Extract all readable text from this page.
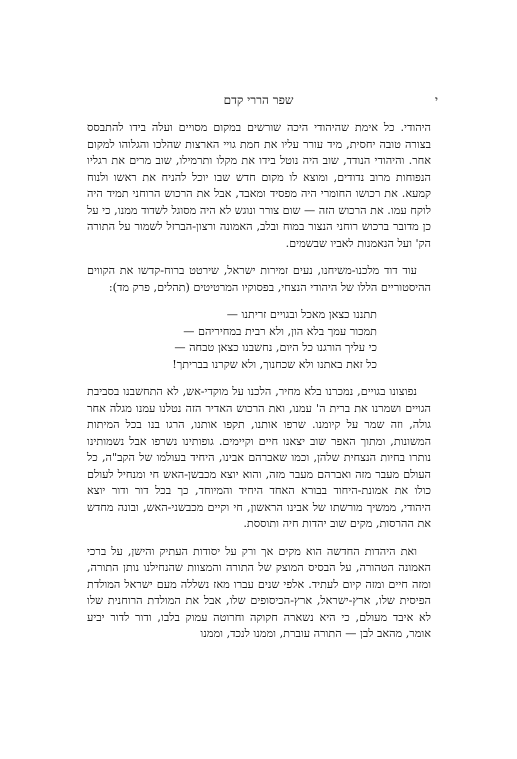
שפר הררי קדם	י

היהודי. כל אימת שהיהודי היכה שורשים במקום מסויים ועלה בידו להתבסס בצורה טובה יחסית, מיד עורר עליו את חמת גויי הארצות שהלכו והגלוהו למקום אחר. והיהודי הנודד, שוב היה נוטל בידו את מקלו ותרמילו, שוב מרים את רגליו הנפוחות מרוב נדודים, ומוצא לו מקום חדש שבו יוכל להניח את ראשו ולנוח קמעא. את רכושו החומרי היה מפסיד ומאבד, אבל את הרכוש הרוחני תמיד היה לוקח עמו. את הרכוש הזה — שום צורר ונוגש לא היה מסוגל לשדוד ממנו, כי על כן מדובר ברכוש רוחני הנצור במוח ובלב, האמונה ורצון-הברזל לשמור על התורה הק' ועל הנאמנות לאביו שבשמים.

עוד דוד מלכנו-משיחנו, נעים זמירות ישראל, שירטט ברוח-קדשו את הקווים ההיסטוריים הללו של היהודי הנצחי, בפסוקיו המרטיטים (תהלים, פרק מד):

תתננו כצאן מאכל ובגויים זריתנו —
תמכור עמך בלא הון, ולא רבית במחיריהם —
כי עליך הורגנו כל היום, נחשבנו כצאן טבחה —
כל זאת באתנו ולא שכחנוך, ולא שקרנו בבריתך!

נפוצונו בגויים, נמכרנו בלא מחיר, הלכנו על מוקדי-אש, לא התחשבנו בסביבת הגויים ושמרנו את ברית ה' עמנו, ואת הרכוש האדיר הזה נטלנו עמנו מגלה אחר גולה, וזה שמר על קיומנו. שרפו אותנו, תקפו אותנו, הרגו בנו בכל המיתות המשונות, ומתוך האפר שוב יצאנו חיים וקיימים. גופותינו נשרפו אבל נשמותינו נותרו בחיות הנצחית שלהן, וכמו שאברהם אבינו, היחיד בעולמו של הקב"ה, כל העולם מעבר מזה ואברהם מעבר מזה, והוא יוצא מכבשן-האש חי ומנחיל לעולם כולו את אמונת-היחוד בבורא האחד היחיד והמיוחד, כך בכל דור ודור יוצא היהודי, ממשיך מורשתו של אבינו הראשון, חי וקיים מכבשני-האש, ובונה מחדש את ההרסות, מקים שוב יהדות חיה ותוססת.

ואת היהדות החדשה הוא מקים אך ורק על יסודות העתיק והישן, על ברכי האמונה הטהורה, על הבסיס המוצק של התורה והמצוות שהנחילנו נותן התורה, ומזה חיים ומזה קיום לעתיד. אלפי שנים עברו מאז נשללה מעם ישראל המולדת הפיסית שלו, ארץ-ישראל, ארץ-הכיסופים שלו, אבל את המולדת הרוחנית שלו לא איבד מעולם, כי היא נשארה חקוקה וחרוטה עמוק בלבו, ודור לדור יביע אומר, מהאב לבן — התורה עוברת, וממנו לנכד, וממנו
